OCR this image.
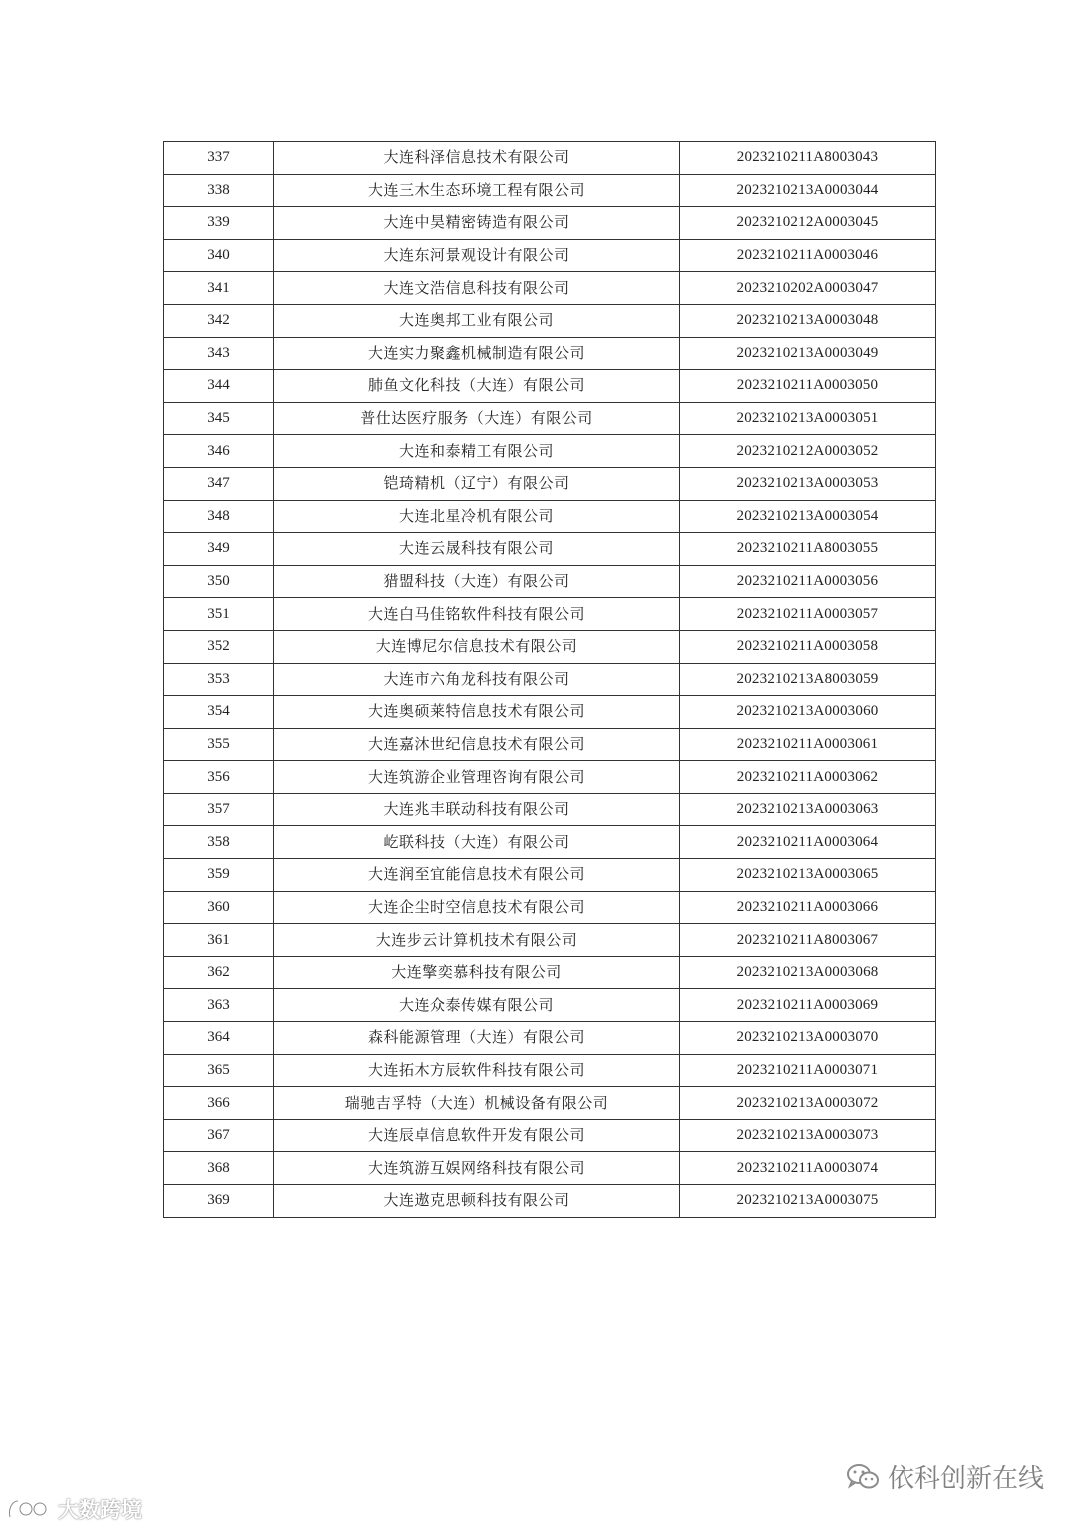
337	大连科泽信息技术有限公司	2023210211A8003043
338	大连三木生态环境工程有限公司	2023210213A0003044
339	大连中昊精密铸造有限公司	2023210212A0003045
340	大连东河景观设计有限公司	2023210211A0003046
341	大连文浩信息科技有限公司	2023210202A0003047
342	大连奥邦工业有限公司	2023210213A0003048
343	大连实力聚鑫机械制造有限公司	2023210213A0003049
344	肺鱼文化科技（大连）有限公司	2023210211A0003050
345	普仕达医疗服务（大连）有限公司	2023210213A0003051
346	大连和泰精工有限公司	2023210212A0003052
347	铠琦精机（辽宁）有限公司	2023210213A0003053
348	大连北星冷机有限公司	2023210213A0003054
349	大连云晟科技有限公司	2023210211A8003055
350	猎盟科技（大连）有限公司	2023210211A0003056
351	大连白马佳铭软件科技有限公司	2023210211A0003057
352	大连博尼尔信息技术有限公司	2023210211A0003058
353	大连市六角龙科技有限公司	2023210213A8003059
354	大连奥硕莱特信息技术有限公司	2023210213A0003060
355	大连嘉沐世纪信息技术有限公司	2023210211A0003061
356	大连筑游企业管理咨询有限公司	2023210211A0003062
357	大连兆丰联动科技有限公司	2023210213A0003063
358	屹联科技（大连）有限公司	2023210211A0003064
359	大连润至宜能信息技术有限公司	2023210213A0003065
360	大连企尘时空信息技术有限公司	2023210211A0003066
361	大连步云计算机技术有限公司	2023210211A8003067
362	大连擎奕慕科技有限公司	2023210213A0003068
363	大连众泰传媒有限公司	2023210211A0003069
364	森科能源管理（大连）有限公司	2023210213A0003070
365	大连拓木方辰软件科技有限公司	2023210211A0003071
366	瑞驰吉孚特（大连）机械设备有限公司	2023210213A0003072
367	大连辰卓信息软件开发有限公司	2023210213A0003073
368	大连筑游互娱网络科技有限公司	2023210211A0003074
369	大连遨克思顿科技有限公司	2023210213A0003075
依科创新在线
大数跨境
